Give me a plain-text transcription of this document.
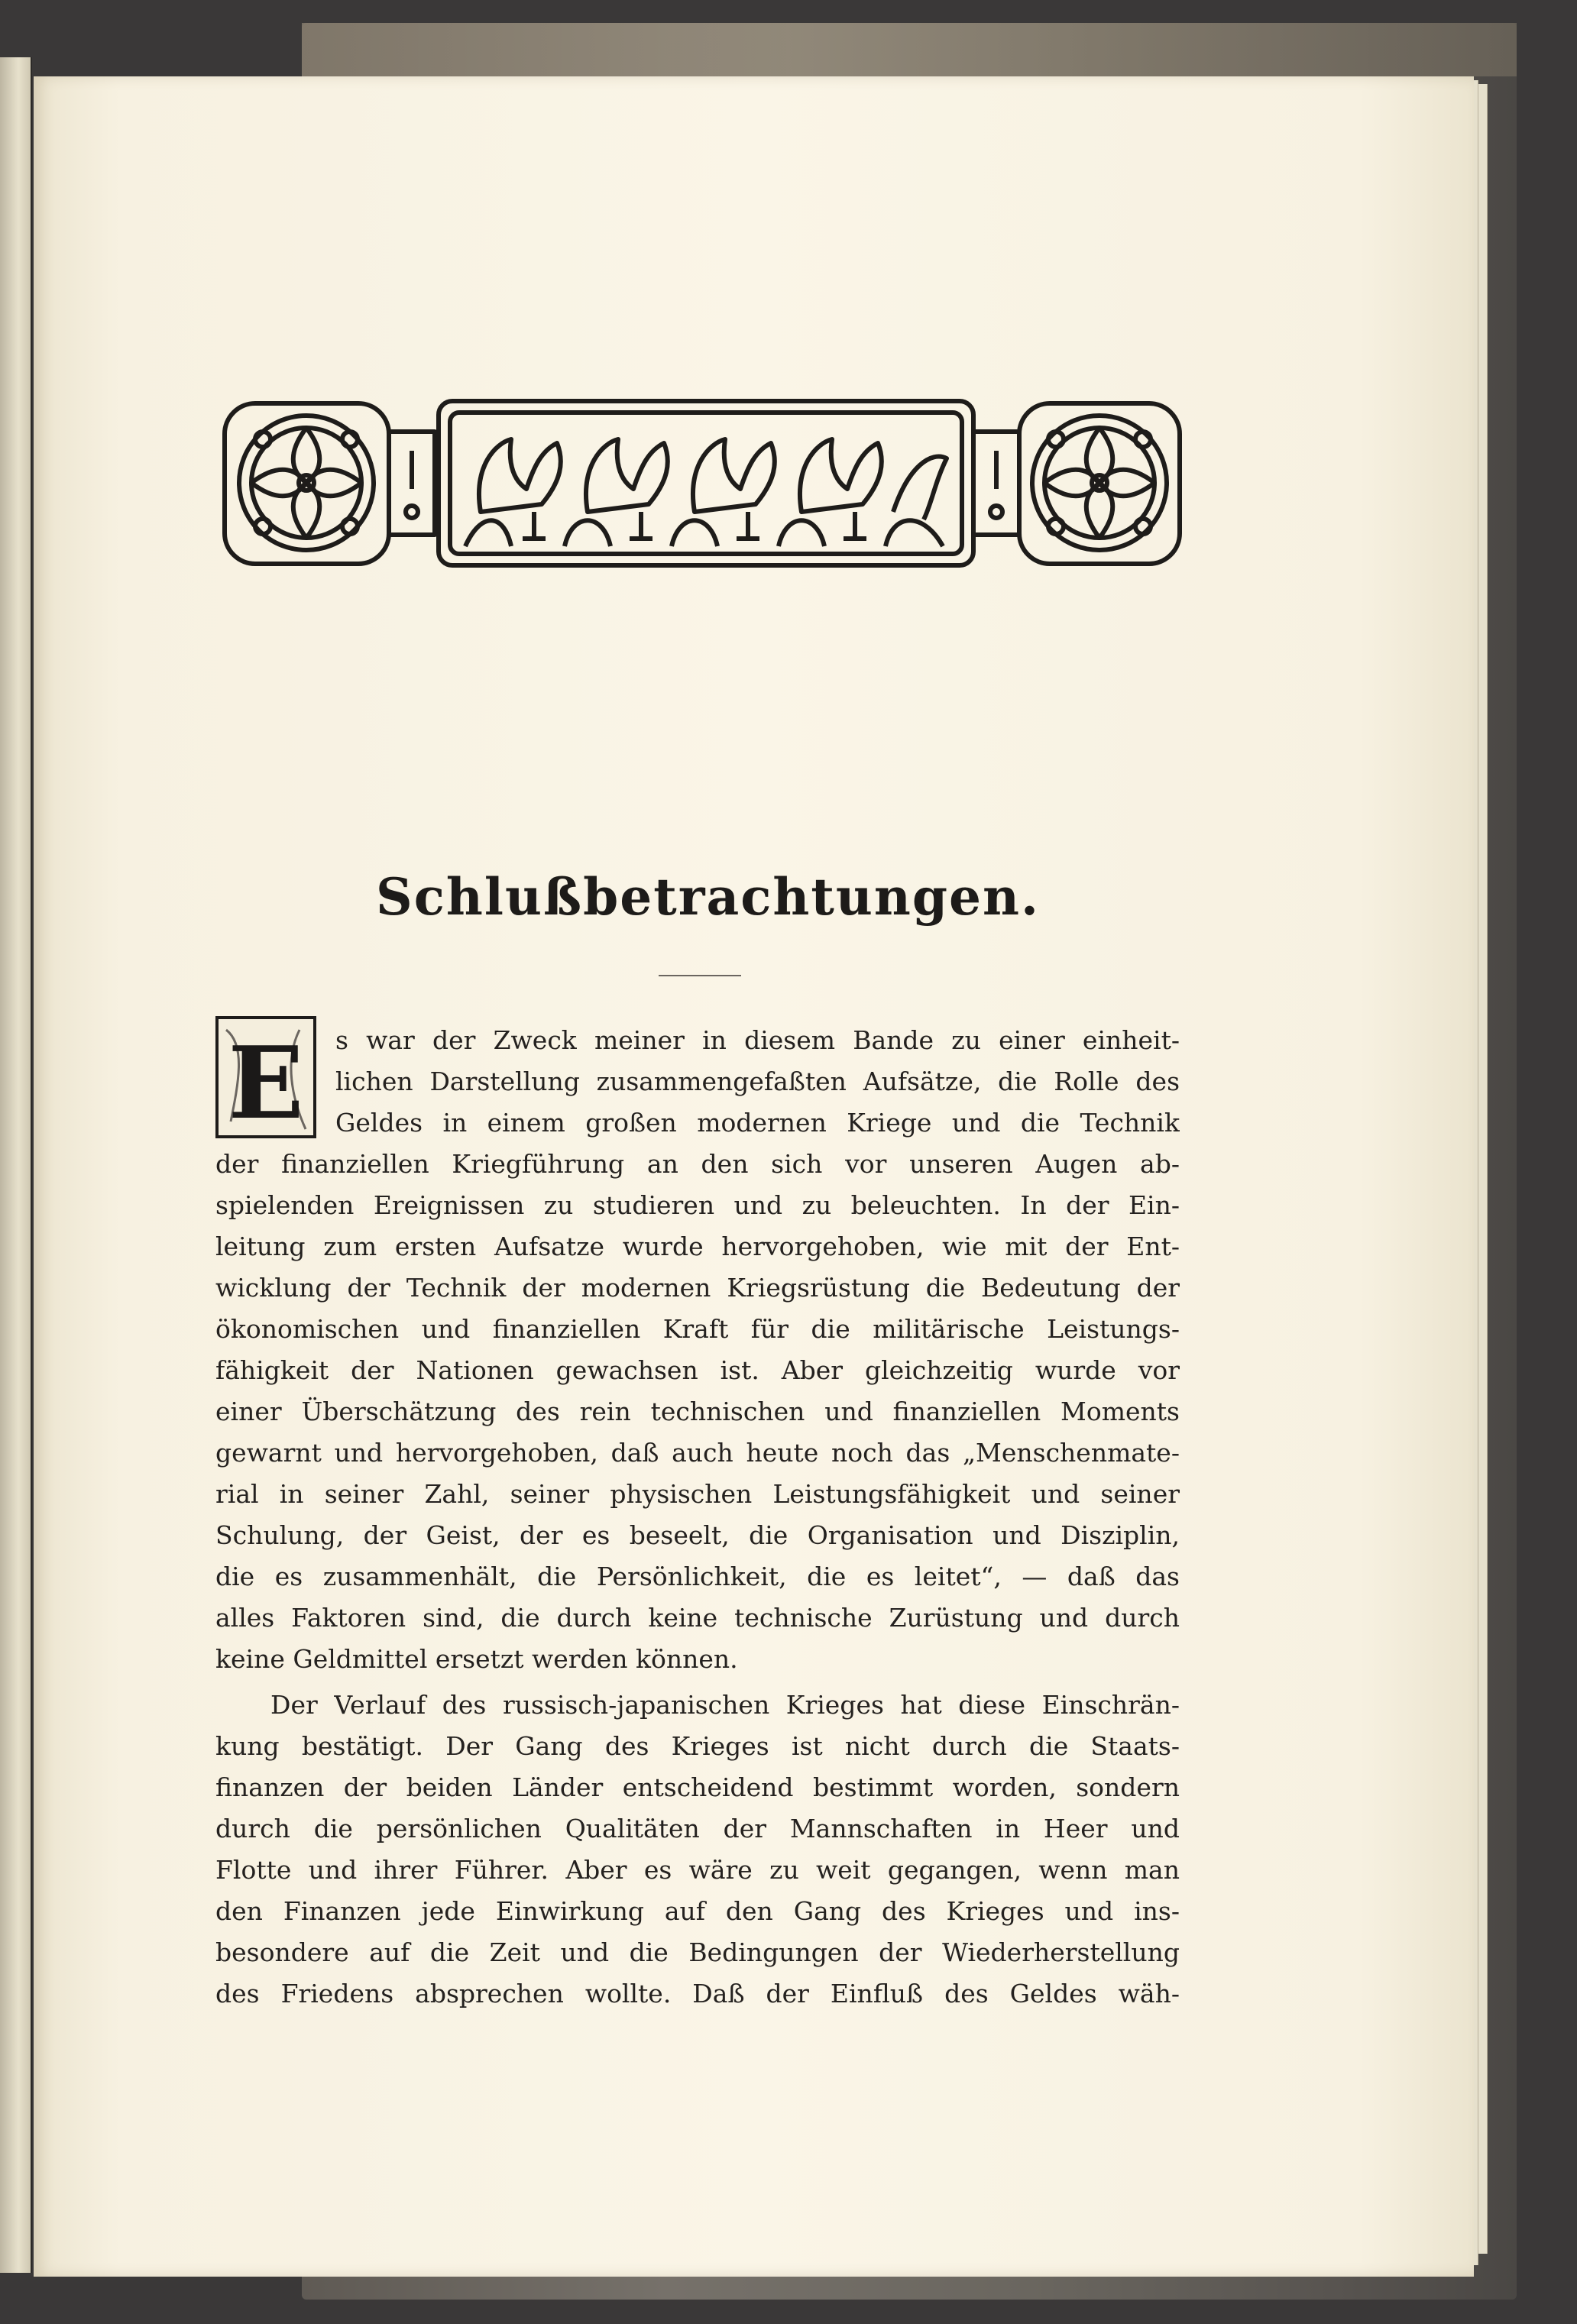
Schlußbetrachtungen.
E s war der Zweck meiner in diesem Bande zu einer einheit-

lichen Darstellung zusammengefaßten Aufsätze, die Rolle des

Geldes in einem großen modernen Kriege und die Technik

der finanziellen Kriegführung an den sich vor unseren Augen ab-

spielenden Ereignissen zu studieren und zu beleuchten. In der Ein-

leitung zum ersten Aufsatze wurde hervorgehoben, wie mit der Ent-

wicklung der Technik der modernen Kriegsrüstung die Bedeutung der

ökonomischen und finanziellen Kraft für die militärische Leistungs-

fähigkeit der Nationen gewachsen ist. Aber gleichzeitig wurde vor

einer Überschätzung des rein technischen und finanziellen Moments

gewarnt und hervorgehoben, daß auch heute noch das „Menschenmate-

rial in seiner Zahl, seiner physischen Leistungsfähigkeit und seiner

Schulung, der Geist, der es beseelt, die Organisation und Disziplin,

die es zusammenhält, die Persönlichkeit, die es leitet“, — daß das

alles Faktoren sind, die durch keine technische Zurüstung und durch

keine Geldmittel ersetzt werden können.

Der Verlauf des russisch-japanischen Krieges hat diese Einschrän-

kung bestätigt. Der Gang des Krieges ist nicht durch die Staats-

finanzen der beiden Länder entscheidend bestimmt worden, sondern

durch die persönlichen Qualitäten der Mannschaften in Heer und

Flotte und ihrer Führer. Aber es wäre zu weit gegangen, wenn man

den Finanzen jede Einwirkung auf den Gang des Krieges und ins-

besondere auf die Zeit und die Bedingungen der Wiederherstellung

des Friedens absprechen wollte. Daß der Einfluß des Geldes wäh-
